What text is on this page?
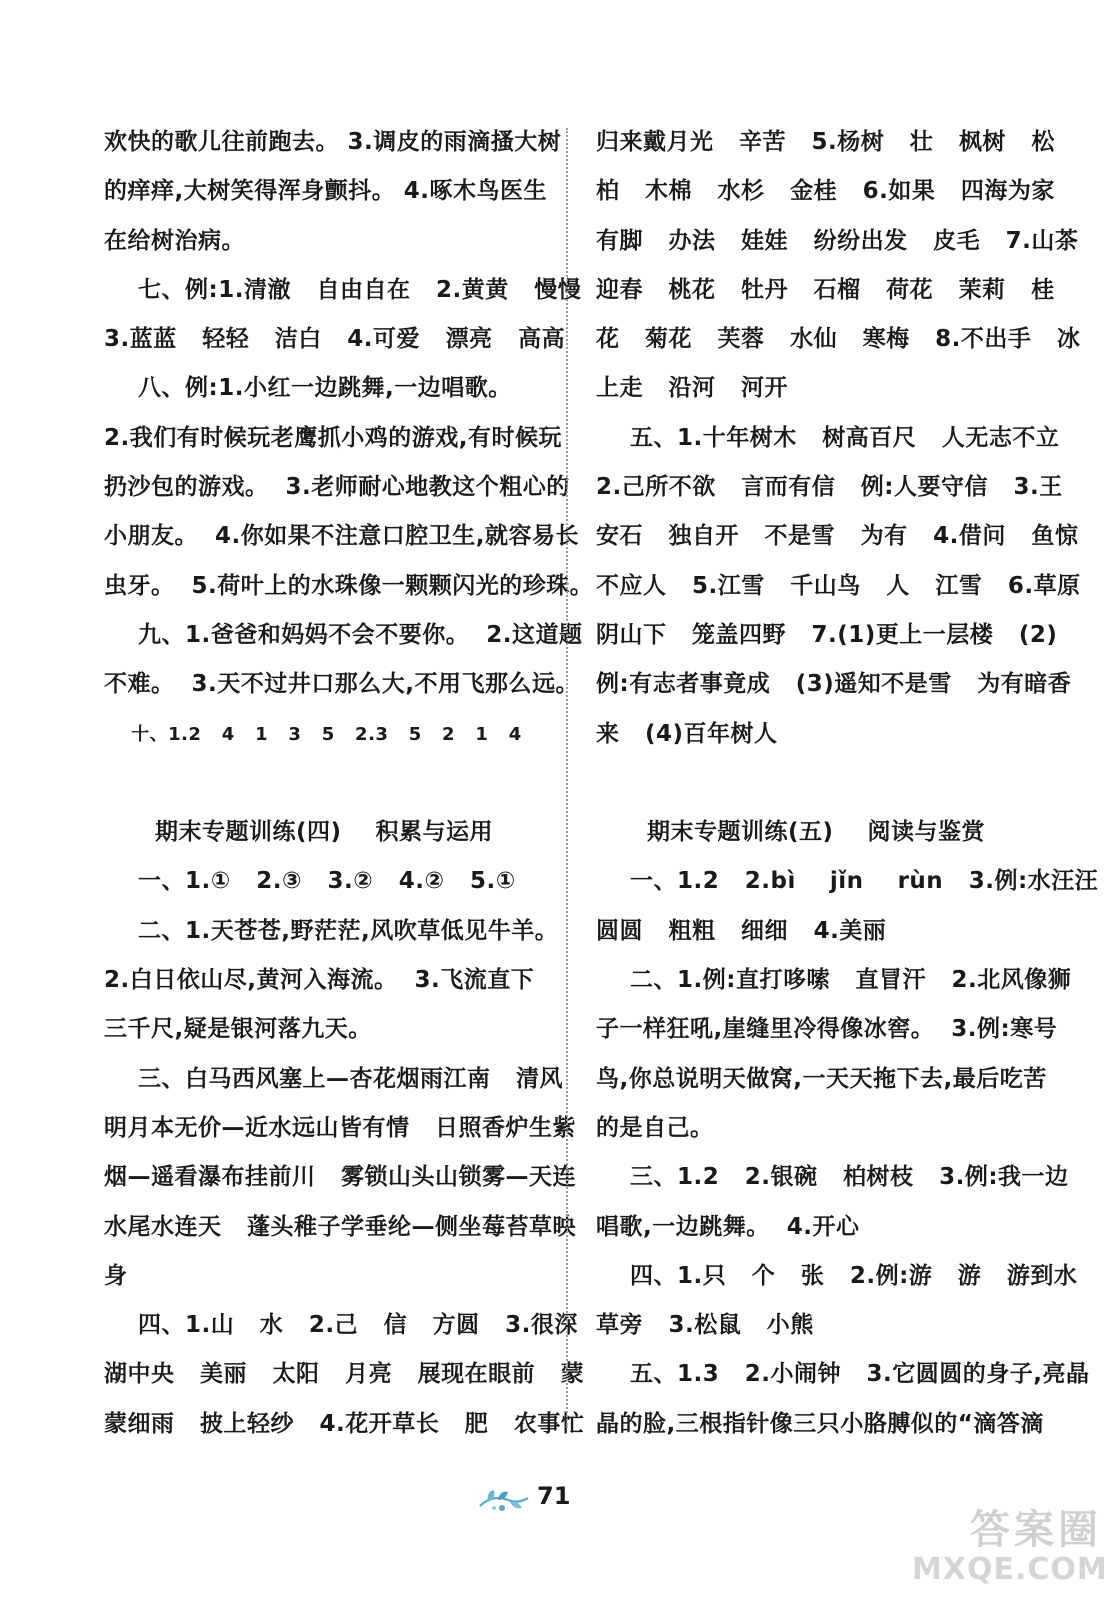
欢快的歌儿往前跑去。 3.调皮的雨滴搔大树
的痒痒,大树笑得浑身颤抖。 4.啄木鸟医生
在给树治病。
七、例:1.清澈   自由自在   2.黄黄   慢慢
3.蓝蓝   轻轻   洁白   4.可爱   漂亮   高高
八、例:1.小红一边跳舞,一边唱歌。
2.我们有时候玩老鹰抓小鸡的游戏,有时候玩
扔沙包的游戏。  3.老师耐心地教这个粗心的
小朋友。  4.你如果不注意口腔卫生,就容易长
虫牙。  5.荷叶上的水珠像一颗颗闪光的珍珠。
九、1.爸爸和妈妈不会不要你。  2.这道题
不难。  3.天不过井口那么大,不用飞那么远。
十、1.2   4   1   3   5   2.3   5   2   1   4
期末专题训练(四)    积累与运用
一、1.①   2.③   3.②   4.②   5.①
二、1.天苍苍,野茫茫,风吹草低见牛羊。
2.白日依山尽,黄河入海流。  3.飞流直下
三千尺,疑是银河落九天。
三、白马西风塞上—杏花烟雨江南   清风
明月本无价—近水远山皆有情   日照香炉生紫
烟—遥看瀑布挂前川   雾锁山头山锁雾—天连
水尾水连天   蓬头稚子学垂纶—侧坐莓苔草映
身
四、1.山   水   2.己   信   方圆   3.很深
湖中央   美丽   太阳   月亮   展现在眼前   蒙
蒙细雨   披上轻纱   4.花开草长   肥   农事忙
归来戴月光   辛苦   5.杨树   壮   枫树   松
柏   木棉   水杉   金桂   6.如果   四海为家
有脚   办法   娃娃   纷纷出发   皮毛   7.山茶
迎春   桃花   牡丹   石榴   荷花   茉莉   桂
花   菊花   芙蓉   水仙   寒梅   8.不出手   冰
上走   沿河   河开
五、1.十年树木   树高百尺   人无志不立
2.己所不欲   言而有信   例:人要守信   3.王
安石   独自开   不是雪   为有   4.借问   鱼惊
不应人   5.江雪   千山鸟   人   江雪   6.草原
阴山下   笼盖四野   7.(1)更上一层楼   (2)
例:有志者事竟成   (3)遥知不是雪   为有暗香
来   (4)百年树人
期末专题训练(五)    阅读与鉴赏
一、1.2   2.bì    jǐn    rùn   3.例:水汪汪
圆圆   粗粗   细细   4.美丽
二、1.例:直打哆嗦   直冒汗   2.北风像狮
子一样狂吼,崖缝里冷得像冰窖。  3.例:寒号
鸟,你总说明天做窝,一天天拖下去,最后吃苦
的是自己。
三、1.2   2.银碗   柏树枝   3.例:我一边
唱歌,一边跳舞。  4.开心
四、1.只   个   张   2.例:游   游   游到水
草旁   3.松鼠   小熊
五、1.3   2.小闹钟   3.它圆圆的身子,亮晶
晶的脸,三根指针像三只小胳膊似的“滴答滴
71
答案圈
MXQE.COM
